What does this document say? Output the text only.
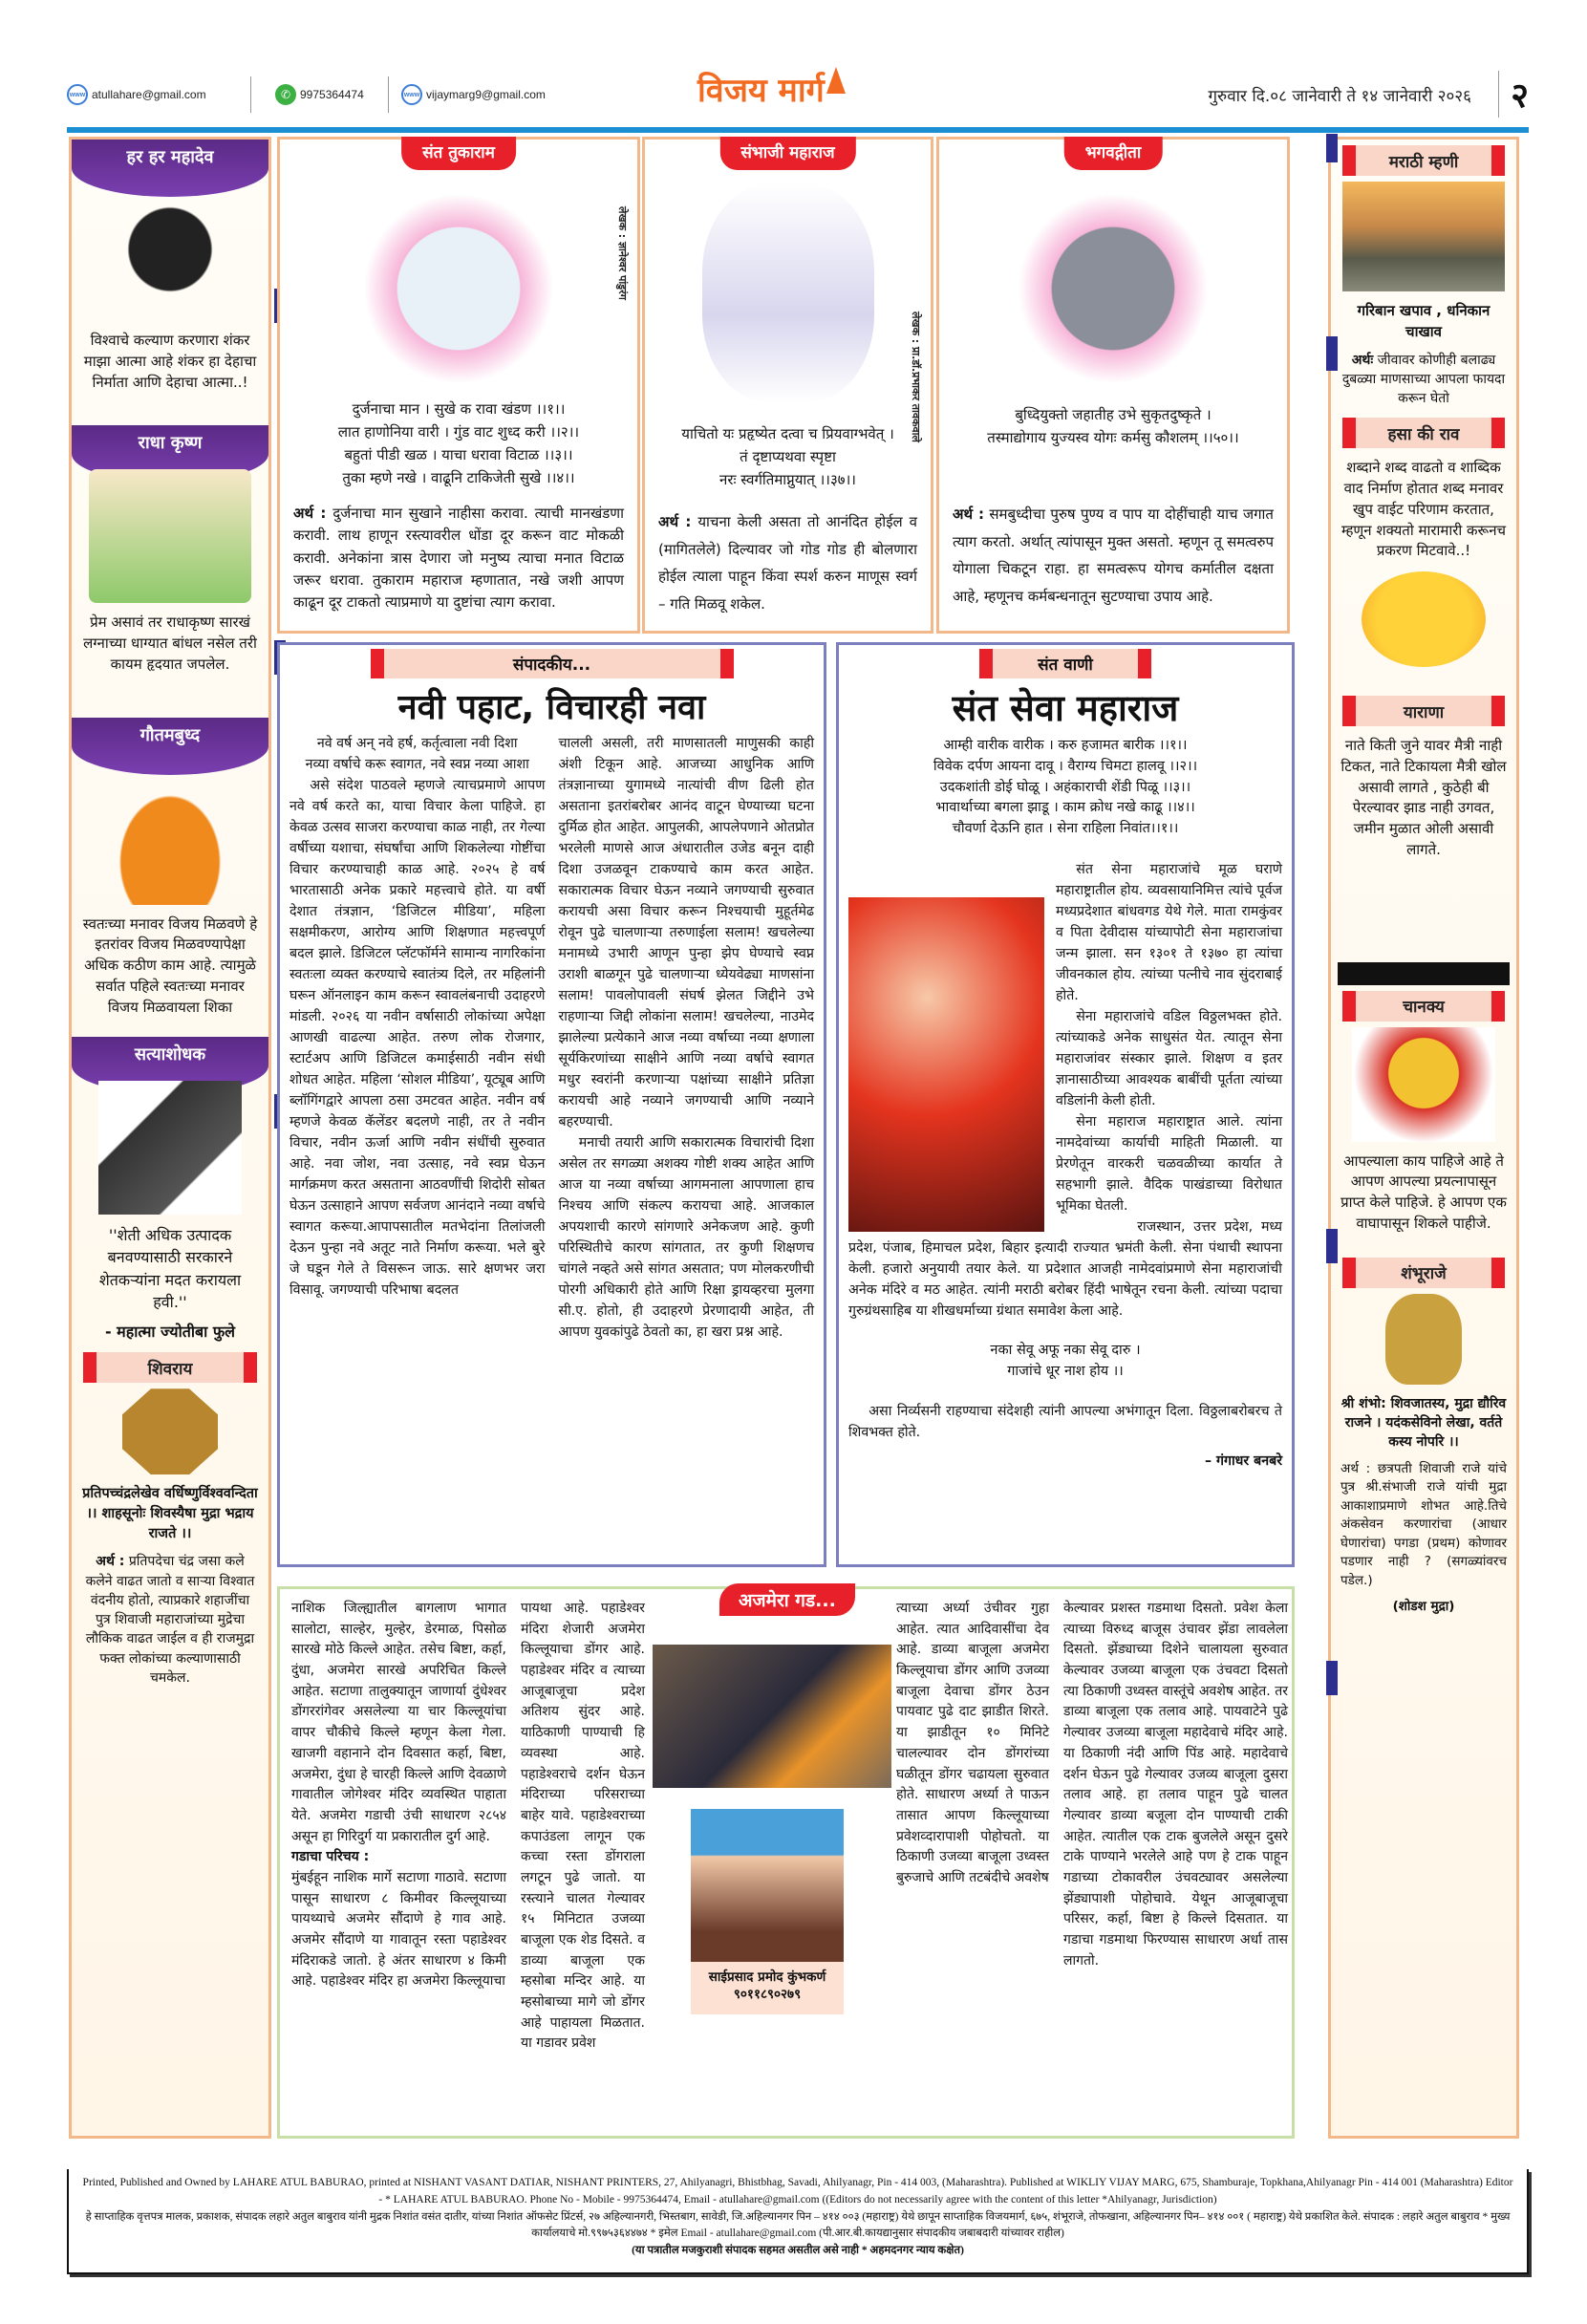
www atullahare@gmail.com	✆ 9975364474	www vijaymarg9@gmail.com	विजय मार्ग	गुरुवार दि.०८ जानेवारी ते १४ जानेवारी २०२६	२
हर हर महादेव
विश्वाचे कल्याण करणारा शंकर माझा आत्मा आहे शंकर हा देहाचा निर्माता आणि देहाचा आत्मा..!
राधा कृष्ण
प्रेम असावं तर राधाकृष्ण सारखं लग्नाच्या धाग्यात बांधल नसेल तरी कायम हृदयात जपलेल.
गौतमबुध्द
स्वतःच्या मनावर विजय मिळवणे हे इतरांवर विजय मिळवण्यापेक्षा अधिक कठीण काम आहे. त्यामुळे सर्वात पहिले स्वतःच्या मनावर विजय मिळवायला शिका
सत्याशोधक
''शेती अधिक उत्पादक बनवण्यासाठी सरकारने शेतकऱ्यांना मदत करायला हवी.''
- महात्मा ज्योतीबा फुले
शिवराय
प्रतिपच्चंद्रलेखेव वर्धिष्णुर्विश्ववन्दिता ।। शाहसूनोः शिवस्यैषा मुद्रा भद्राय राजते ।।
अर्थ : प्रतिपदेचा चंद्र जसा कले कलेने वाढत जातो व साऱ्या विश्वात वंदनीय होतो, त्याप्रकारे शहाजींचा पुत्र शिवाजी महाराजांच्या मुद्रेचा लौकिक वाढत जाईल व ही राजमुद्रा फक्त लोकांच्या कल्याणासाठी चमकेल.
संत तुकाराम
लेखक : ज्ञानेश्वर पांडुरंग
दुर्जनाचा मान । सुखे क रावा खंडण ।।१।।
लात हाणोनिया वारी । गुंड वाट शुध्द करी ।।२।।
बहुतां पीडी खळ । याचा धरावा विटाळ ।।३।।
तुका म्हणे नखे । वाढूनि टाकिजेती सुखे ।।४।।
अर्थ : दुर्जनाचा मान सुखाने नाहीसा करावा. त्याची मानखंडणा करावी. लाथ हाणून रस्त्यावरील धोंडा दूर करून वाट मोकळी करावी. अनेकांना त्रास देणारा जो मनुष्य त्याचा मनात विटाळ जरूर धरावा. तुकाराम महाराज म्हणातात, नखे जशी आपण काढून दूर टाकतो त्याप्रमाणे या दुष्टांचा त्याग करावा.
संभाजी महाराज
लेखक : प्रा.डॉ.प्रभाकर तावकवाले
याचितो यः प्रहृष्येत दत्वा च प्रियवाग्भवेत् ।
तं दृष्टाप्यथवा स्पृष्टा
नरः स्वर्गतिमाप्नुयात् ।।३७।।
अर्थ : याचना केली असता तो आनंदित होईल व (मागितलेले) दिल्यावर जो गोड गोड ही बोलणारा होईल त्याला पाहून किंवा स्पर्श करुन माणूस स्वर्ग – गति मिळवू शकेल.
भगवद्गीता
बुध्दियुक्तो जहातीह उभे सुकृतदुष्कृते ।
तस्माद्योगाय युज्यस्व योगः कर्मसु कौशलम् ।।५०।।
अर्थ : समबुध्दीचा पुरुष पुण्य व पाप या दोहींचाही याच जगात त्याग करतो. अर्थात् त्यांपासून मुक्त असतो. म्हणून तू समत्वरुप योगाला चिकटून राहा. हा समत्वरूप योगच कर्मातील दक्षता आहे, म्हणूनच कर्मबन्धनातून सुटण्याचा उपाय आहे.
संपादकीय...
नवी पहाट, विचारही नवा
नवे वर्ष अन् नवे हर्ष, कर्तृत्वाला नवी दिशा
नव्या वर्षाचे करू स्वागत, नवे स्वप्न नव्या आशा

असे संदेश पाठवले म्हणजे त्याचप्रमाणे आपण नवे वर्ष करते का, याचा विचार केला पाहिजे. हा केवळ उत्सव साजरा करण्याचा काळ नाही, तर गेल्या वर्षीच्या यशाचा, संघर्षांचा आणि शिकलेल्या गोष्टींचा विचार करण्याचाही काळ आहे. २०२५ हे वर्ष भारतासाठी अनेक प्रकारे महत्त्वाचे होते. या वर्षी देशात तंत्रज्ञान, ‘डिजिटल मीडिया’, महिला सक्षमीकरण, आरोग्य आणि शिक्षणात महत्त्वपूर्ण बदल झाले. डिजिटल प्लॅटफॉर्मने सामान्य नागरिकांना स्वतःला व्यक्त करण्याचे स्वातंत्र्य दिले, तर महिलांनी घरून ऑनलाइन काम करून स्वावलंबनाची उदाहरणे मांडली. २०२६ या नवीन वर्षासाठी लोकांच्या अपेक्षा आणखी वाढल्या आहेत. तरुण लोक रोजगार, स्टार्टअप आणि डिजिटल कमाईसाठी नवीन संधी शोधत आहेत. महिला ‘सोशल मीडिया’, यूट्यूब आणि ब्लॉगिंगद्वारे आपला ठसा उमटवत आहेत. नवीन वर्ष म्हणजे केवळ कॅलेंडर बदलणे नाही, तर ते नवीन विचार, नवीन ऊर्जा आणि नवीन संधींची सुरुवात आहे. नवा जोश, नवा उत्साह, नवे स्वप्न घेऊन मार्गक्रमण करत असताना आठवणींची शिदोरी सोबत घेऊन उत्साहाने आपण सर्वजण आनंदाने नव्या वर्षाचे स्वागत करूया.आपापसातील मतभेदांना तिलांजली देऊन पुन्हा नवे अतूट नाते निर्माण करूया. भले बुरे जे घडून गेले ते विसरून जाऊ. सारे क्षणभर जरा विसावू. जगण्याची परिभाषा बदलत

चालली असली, तरी माणसातली माणुसकी काही अंशी टिकून आहे. आजच्या आधुनिक आणि तंत्रज्ञानाच्या युगामध्ये नात्यांची वीण ढिली होत असताना इतरांबरोबर आनंद वाटून घेण्याच्या घटना दुर्मिळ होत आहेत. आपुलकी, आपलेपणाने ओतप्रोत भरलेली माणसे आज अंधारातील उजेड बनून दाही दिशा उजळवून टाकण्याचे काम करत आहेत. सकारात्मक विचार घेऊन नव्याने जगण्याची सुरुवात करायची असा विचार करून निश्चयाची मुहूर्तमेढ रोवून पुढे चालणाऱ्या तरुणाईला सलाम! खचलेल्या मनामध्ये उभारी आणून पुन्हा झेप घेण्याचे स्वप्न उराशी बाळगून पुढे चालणाऱ्या ध्येयवेढ्या माणसांना सलाम! पावलोपावली संघर्ष झेलत जिद्दीने उभे राहणाऱ्या जिद्दी लोकांना सलाम! खचलेल्या, नाउमेद झालेल्या प्रत्येकाने आज नव्या वर्षाच्या नव्या क्षणाला सूर्यकिरणांच्या साक्षीने आणि नव्या वर्षाचे स्वागत मधुर स्वरांनी करणाऱ्या पक्षांच्या साक्षीने प्रतिज्ञा करायची आहे नव्याने जगण्याची आणि नव्याने बहरण्याची.

मनाची तयारी आणि सकारात्मक विचारांची दिशा असेल तर सगळ्या अशक्य गोष्टी शक्य आहेत आणि आज या नव्या वर्षाच्या आगमनाला आपणाला हाच निश्चय आणि संकल्प करायचा आहे. आजकाल अपयशाची कारणे सांगणारे अनेकजण आहे. कुणी परिस्थितीचे कारण सांगतात, तर कुणी शिक्षणच चांगले नव्हते असे सांगत असतात; पण मोलकरणीची पोरगी अधिकारी होते आणि रिक्षा ड्रायव्हरचा मुलगा सी.ए. होतो, ही उदाहरणे प्रेरणादायी आहेत, ती आपण युवकांपुढे ठेवतो का, हा खरा प्रश्न आहे.

संत वाणी
संत सेवा महाराज
आम्ही वारीक वारीक । करु हजामत बारीक ।।१।।
विवेक दर्पण आयना दावू । वैराग्य चिमटा हालवू ।।२।।
उदकशांती डोई घोळू । अहंकाराची शेंडी पिळू ।।३।।
भावार्थाच्या बगला झाडू । काम क्रोध नखे काढू ।।४।।
चौवर्णा देऊनि हात । सेना राहिला निवांत।।१।।

संत सेना महाराजांचे मूळ घराणे महाराष्ट्रातील होय. व्यवसायानिमित्त त्यांचे पूर्वज मध्यप्रदेशात बांधवगड येथे गेले. माता रामकुंवर व पिता देवीदास यांच्यापोटी सेना महाराजांचा जन्म झाला. सन १३०१ ते १३७० हा त्यांचा जीवनकाल होय. त्यांच्या पत्नीचे नाव सुंदराबाई होते.

सेना महाराजांचे वडिल विठ्ठलभक्त होते. त्यांच्याकडे अनेक साधुसंत येत. त्यातून सेना महाराजांवर संस्कार झाले. शिक्षण व इतर ज्ञानासाठीच्या आवश्यक बाबींची पूर्तता त्यांच्या वडिलांनी केली होती.

सेना महाराज महाराष्ट्रात आले. त्यांना नामदेवांच्या कार्याची माहिती मिळाली. या प्रेरणेतून वारकरी चळवळीच्या कार्यात ते सहभागी झाले. वैदिक पाखंडाच्या विरोधात भूमिका घेतली.

राजस्थान, उत्तर प्रदेश, मध्य प्रदेश, पंजाब, हिमाचल प्रदेश, बिहार इत्यादी राज्यात भ्रमंती केली. सेना पंथाची स्थापना केली. हजारो अनुयायी तयार केले. या प्रदेशात आजही नामेदवांप्रमाणे सेना महाराजांची अनेक मंदिरे व मठ आहेत. त्यांनी मराठी बरोबर हिंदी भाषेतून रचना केली. त्यांच्या पदाचा गुरुग्रंथसाहिब या शीखधर्माच्या ग्रंथात समावेश केला आहे.

नका सेवू अफू नका सेवू दारु ।
गाजांचे धूर नाश होय ।।

असा निर्व्यसनी राहण्याचा संदेशही त्यांनी आपल्या अभंगातून दिला. विठ्ठलाबरोबरच ते शिवभक्त होते.

– गंगाधर बनबरे
अजमेरा गड...
नाशिक जिल्ह्यातील बागलाण भागात सालोटा, साल्हेर, मुल्हेर, डेरमाळ, पिसोळ सारखे मोठे किल्ले आहेत. तसेच बिष्टा, कर्हा, दुंधा, अजमेरा सारखे अपरिचित किल्ले आहेत. सटाणा तालुक्यातून जाणार्या दुंधेश्वर डोंगररांगेवर असलेल्या या चार किल्लूयांचा वापर चौकीचे किल्ले म्हणून केला गेला. खाजगी वहानाने दोन दिवसात कर्हा, बिष्टा, अजमेरा, दुंधा हे चारही किल्ले आणि देवळाणे गावातील जोगेश्वर मंदिर व्यवस्थित पाहाता येते. अजमेरा गडाची उंची साधारण २८५४ असून हा गिरिदुर्ग या प्रकारातील दुर्ग आहे.
गडाचा परिचय :
मुंबईहून नाशिक मार्गे सटाणा गाठावे. सटाणा पासून साधारण ८ किमीवर किल्लूयाच्या पायथ्याचे अजमेर सौंदाणे हे गाव आहे. अजमेर सौंदाणे या गावातून रस्ता पहाडेश्वर मंदिराकडे जातो. हे अंतर साधारण ४ किमी आहे. पहाडेश्वर मंदिर हा अजमेरा किल्लूयाचा
पायथा आहे. पहाडेश्वर मंदिरा शेजारी अजमेरा किल्लूयाचा डोंगर आहे. पहाडेश्वर मंदिर व त्याच्या आजूबाजूचा प्रदेश अतिशय सुंदर आहे. याठिकाणी पाण्याची हि व्यवस्था आहे. पहाडेश्वराचे दर्शन घेऊन मंदिराच्या परिसराच्या बाहेर यावे. पहाडेश्वराच्या कपाउंडला लागून एक कच्चा रस्ता डोंगराला लगटून पुढे जातो. या रस्त्याने चालत गेल्यावर १५ मिनिटात उजव्या बाजूला एक शेड दिसते. व डाव्या बाजूला एक म्हसोबा मन्दिर आहे. या म्हसोबाच्या मागे जो डोंगर आहे पाहायला मिळतात. या गडावर प्रवेश
साईप्रसाद प्रमोद कुंभकर्ण
९०११८९०२७९
त्याच्या अर्ध्या उंचीवर गुहा आहेत. त्यात आदिवासींचा देव आहे. डाव्या बाजूला अजमेरा किल्लूयाचा डोंगर आणि उजव्या बाजूला देवाचा डोंगर ठेउन पायवाट पुढे दाट झाडीत शिरते. या झाडीतून १० मिनिटे चालल्यावर दोन डोंगरांच्या घळीतून डोंगर चढायला सुरुवात होते. साधारण अर्ध्या ते पाऊन तासात आपण किल्लूयाच्या प्रवेशव्दारापाशी पोहोचतो. या ठिकाणी उजव्या बाजूला उध्वस्त बुरुजाचे आणि तटबंदीचे अवशेष
केल्यावर प्रशस्त गडमाथा दिसतो. प्रवेश केला त्याच्या विरुध्द बाजूस उंचावर झेंडा लावलेला दिसतो. झेंड्याच्या दिशेने चालायला सुरुवात केल्यावर उजव्या बाजूला एक उंचवटा दिसतो त्या ठिकाणी उध्वस्त वास्तूंचे अवशेष आहेत. तर डाव्या बाजूला एक तलाव आहे. पायवाटेने पुढे गेल्यावर उजव्या बाजूला महादेवाचे मंदिर आहे. या ठिकाणी नंदी आणि पिंड आहे. महादेवाचे दर्शन घेऊन पुढे गेल्यावर उजव्य बाजूला दुसरा तलाव आहे. हा तलाव पाहून पुढे चालत गेल्यावर डाव्या बजूला दोन पाण्याची टाकी आहेत. त्यातील एक टाक बुजलेले असून दुसरे टाके पाण्याने भरलेले आहे पण हे टाक पाहून गडाच्या टोकावरील उंचवट्यावर असलेल्या झेंड्यापाशी पोहोचावे. येथून आजूबाजूचा परिसर, कर्हा, बिष्टा हे किल्ले दिसतात. या गडाचा गडमाथा फिरण्यास साधारण अर्धा तास लागतो.
मराठी म्हणी
गरिबान खपाव , धनिकान चाखाव
अर्थः जीवावर कोणीही बलाढ्य दुबळ्या माणसाच्या आपला फायदा करून घेतो
हसा की राव
शब्दाने शब्द वाढतो व शाब्दिक वाद निर्माण होतात शब्द मनावर खुप वाईट परिणाम करतात, म्हणून शक्यतो मारामारी करूनच प्रकरण मिटवावे..!
याराणा
नाते किती जुने यावर मैत्री नाही टिकत, नाते टिकायला मैत्री खोल असावी लागते , कुठेही बी पेरल्यावर झाड नाही उगवत, जमीन मुळात ओली असावी लागते.
चानक्य
आपल्याला काय पाहिजे आहे ते आपण आपल्या प्रयत्नापासून प्राप्त केले पाहिजे. हे आपण एक वाघापासून शिकले पाहीजे.
शंभूराजे
श्री शंभो: शिवजातस्य, मुद्रा द्यौरिव राजने । यदंकसेविनो लेखा, वर्तते कस्य नोपरि ।।
अर्थ : छत्रपती शिवाजी राजे यांचे पुत्र श्री.संभाजी राजे यांची मुद्रा आकाशाप्रमाणे शोभत आहे.तिचे अंकसेवन करणारांचा (आधार घेणारांचा) पगडा (प्रथम) कोणावर पडणार नाही ? (सगळ्यांवरच पडेल.)
(शोडश मुद्रा)
Printed, Published and Owned by LAHARE ATUL BABURAO, printed at NISHANT VASANT DATIAR, NISHANT PRINTERS, 27, Ahilyanagri, Bhistbhag, Savadi, Ahilyanagr, Pin - 414 003, (Maharashtra). Published at WIKLIY VIJAY MARG, 675, Shamburaje, Topkhana,Ahilyanagr Pin - 414 001 (Maharashtra) Editor - * LAHARE ATUL BABURAO. Phone No - Mobile - 9975364474, Email - atullahare@gmail.com ((Editors do not necessarily agree with the content of this letter *Ahilyanagr, Jurisdiction)
हे साप्ताहिक वृत्तपत्र मालक, प्रकाशक, संपादक लहारे अतुल बाबुराव यांनी मुद्रक निशांत वसंत दातीर, यांच्या निशांत ऑफसेट प्रिंटर्स, २७ अहिल्यानगरी, भिस्तबाग, सावेडी, जि.अहिल्यानगर पिन – ४१४ ००३ (महाराष्ट्र) येथे छापून साप्ताहिक विजयमार्ग, ६७५, शंभूराजे, तोफखाना, अहिल्यानगर पिन– ४१४ ००१ ( महाराष्ट्र) येथे प्रकाशित केले. संपादक : लहारे अतुल बाबुराव * मुख्य कार्यालयाचे मो.९९७५३६४४७४ * इमेल Email - atullahare@gmail.com (पी.आर.बी.कायद्यानुसार संपादकीय जबाबदारी यांच्यावर राहील)
(या पत्रातील मजकुराशी संपादक सहमत असतील असे नाही * अहमदनगर न्याय कक्षेत)
